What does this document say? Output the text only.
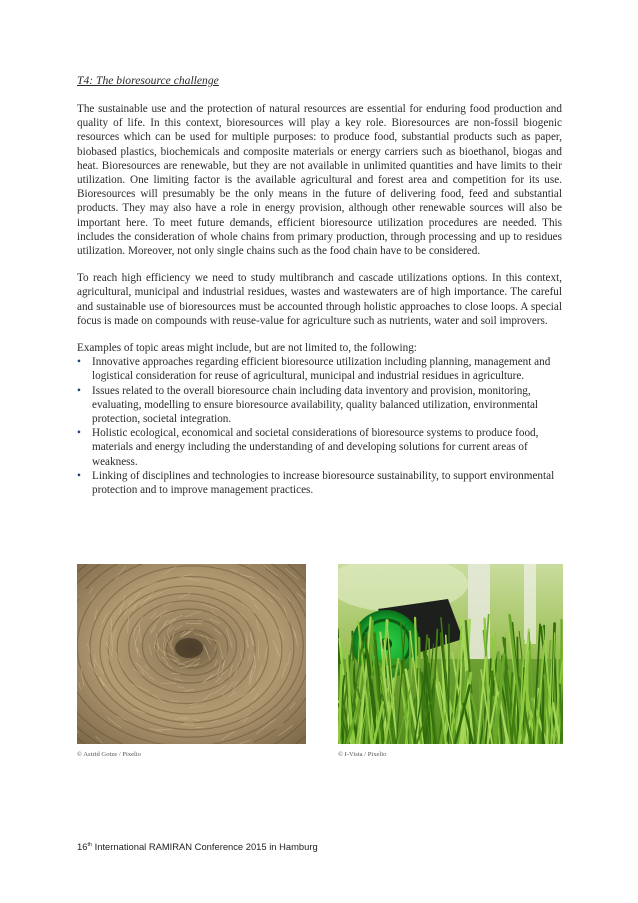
T4: The bioresource challenge

The sustainable use and the protection of natural resources are essential for enduring food production and quality of life. In this context, bioresources will play a key role. Bioresources are non-fossil biogenic resources which can be used for multiple purposes: to produce food, substantial products such as paper, biobased plastics, biochemicals and composite materials or energy carriers such as bioethanol, biogas and heat. Bioresources are renewable, but they are not available in unlimited quantities and have limits to their utilization. One limiting factor is the available agricultural and forest area and competition for its use. Bioresources will presumably be the only means in the future of delivering food, feed and substantial products. They may also have a role in energy provision, although other renewable sources will also be important here. To meet future demands, efficient bioresource utilization procedures are needed. This includes the consideration of whole chains from primary production, through processing and up to residues utilization. Moreover, not only single chains such as the food chain have to be considered.

To reach high efficiency we need to study multibranch and cascade utilizations options. In this context, agricultural, municipal and industrial residues, wastes and wastewaters are of high importance. The careful and sustainable use of bioresources must be accounted through holistic approaches to close loops. A special focus is made on compounds with reuse-value for agriculture such as nutrients, water and soil improvers.

Examples of topic areas might include, but are not limited to, the following:

• Innovative approaches regarding efficient bioresource utilization including planning, management and logistical consideration for reuse of agricultural, municipal and industrial residues in agriculture.
• Issues related to the overall bioresource chain including data inventory and provision, monitoring, evaluating, modelling to ensure bioresource availability, quality balanced utilization, environmental protection, societal integration.
• Holistic ecological, economical and societal considerations of bioresource systems to produce food, materials and energy including the understanding of and developing solutions for current areas of weakness.
• Linking of disciplines and technologies to increase bioresource sustainability, to support environmental protection and to improve management practices.
© Astrid Gotze / Pixelio	© I-Vista / Pixelio
16th International RAMIRAN Conference 2015 in Hamburg
